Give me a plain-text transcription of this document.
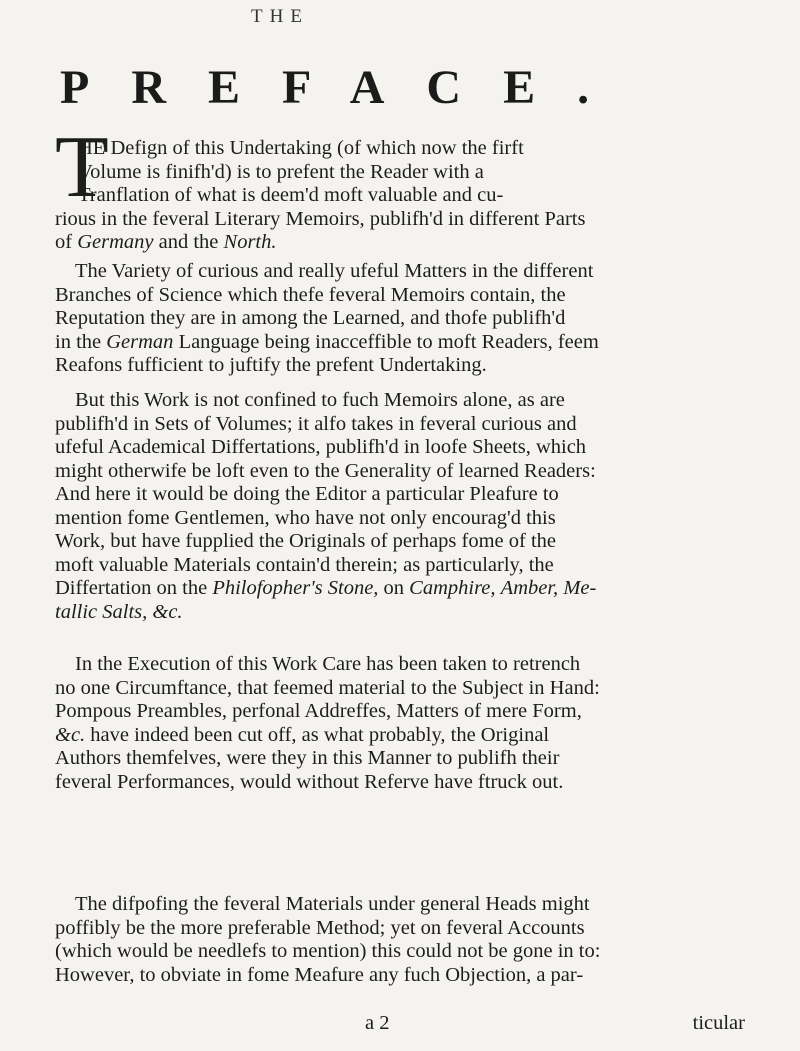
THE
PREFACE.
T
HE Defign of this Undertaking (of which now the firft
Volume is finifh'd) is to prefent the Reader with a
Tranflation of what is deem'd moft valuable and cu-
rious in the feveral Literary Memoirs, publifh'd in different Parts
of Germany and the North.
The Variety of curious and really ufeful Matters in the different
Branches of Science which thefe feveral Memoirs contain, the
Reputation they are in among the Learned, and thofe publifh'd
in the German Language being inacceffible to moft Readers, feem
Reafons fufficient to juftify the prefent Undertaking.
But this Work is not confined to fuch Memoirs alone, as are
publifh'd in Sets of Volumes; it alfo takes in feveral curious and
ufeful Academical Differtations, publifh'd in loofe Sheets, which
might otherwife be loft even to the Generality of learned Readers:
And here it would be doing the Editor a particular Pleafure to
mention fome Gentlemen, who have not only encourag'd this
Work, but have fupplied the Originals of perhaps fome of the
moft valuable Materials contain'd therein; as particularly, the
Differtation on the Philofopher's Stone, on Camphire, Amber, Me-
tallic Salts, &c.
In the Execution of this Work Care has been taken to retrench
no one Circumftance, that feemed material to the Subject in Hand:
Pompous Preambles, perfonal Addreffes, Matters of mere Form,
&c. have indeed been cut off, as what probably, the Original
Authors themfelves, were they in this Manner to publifh their
feveral Performances, would without Referve have ftruck out.
The difpofing the feveral Materials under general Heads might
poffibly be the more preferable Method; yet on feveral Accounts
(which would be needlefs to mention) this could not be gone in to:
However, to obviate in fome Meafure any fuch Objection, a par-
a 2	ticular
